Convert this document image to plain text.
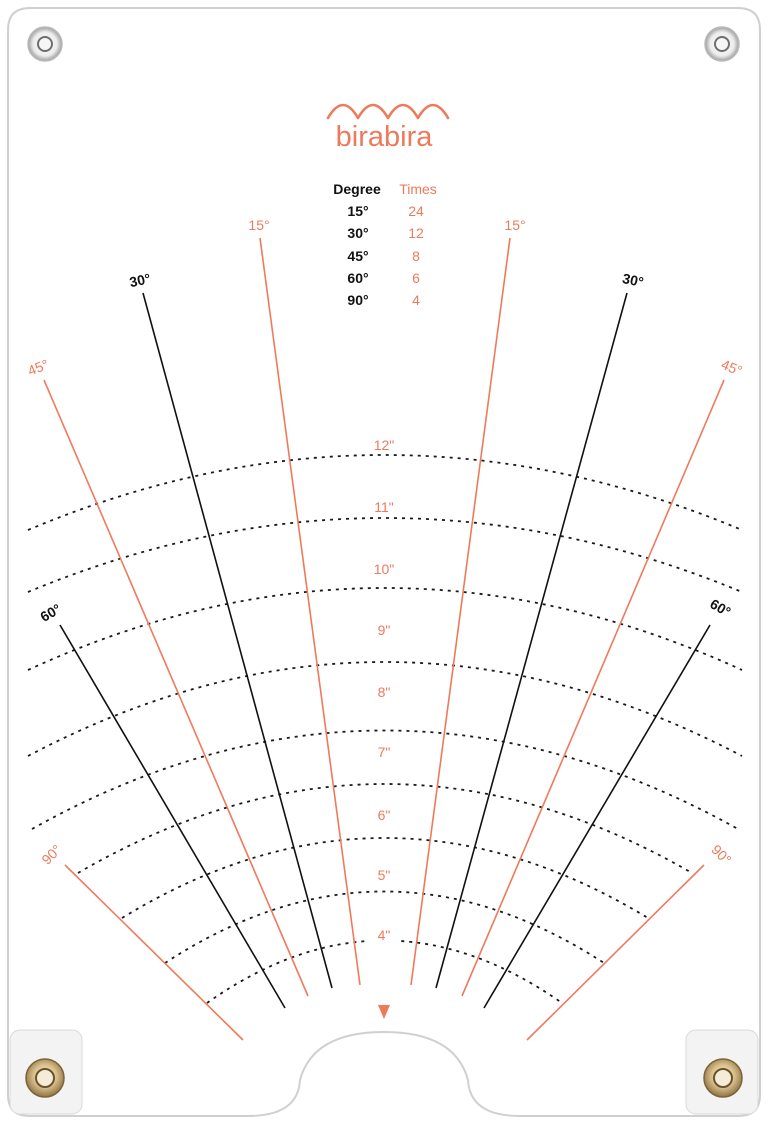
birabira
Degree Times
15°	24
30°	12
45°	8
60°	6
90°	4
4"
5"
6"
7"
8"
9"
10"
11"
12"
15°	15°
30°	30°
45°	45°
60°	60°
90°	90°
